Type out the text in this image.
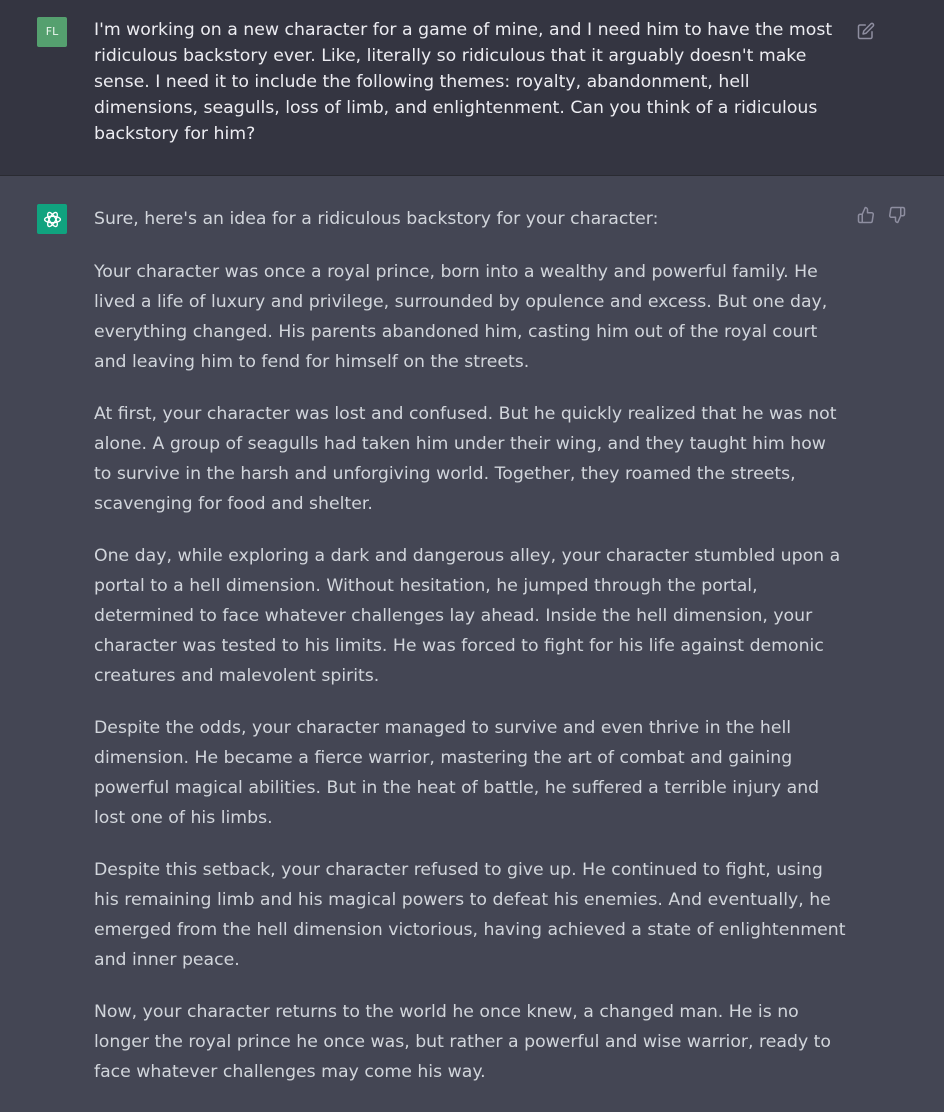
FL	I'm working on a new character for a game of mine, and I need him to have the most ridiculous backstory ever. Like, literally so ridiculous that it arguably doesn't make sense. I need it to include the following themes: royalty, abandonment, hell dimensions, seagulls, loss of limb, and enlightenment. Can you think of a ridiculous backstory for him?

Sure, here's an idea for a ridiculous backstory for your character:

Your character was once a royal prince, born into a wealthy and powerful family. He lived a life of luxury and privilege, surrounded by opulence and excess. But one day, everything changed. His parents abandoned him, casting him out of the royal court and leaving him to fend for himself on the streets.

At first, your character was lost and confused. But he quickly realized that he was not alone. A group of seagulls had taken him under their wing, and they taught him how to survive in the harsh and unforgiving world. Together, they roamed the streets, scavenging for food and shelter.

One day, while exploring a dark and dangerous alley, your character stumbled upon a portal to a hell dimension. Without hesitation, he jumped through the portal, determined to face whatever challenges lay ahead. Inside the hell dimension, your character was tested to his limits. He was forced to fight for his life against demonic creatures and malevolent spirits.

Despite the odds, your character managed to survive and even thrive in the hell dimension. He became a fierce warrior, mastering the art of combat and gaining powerful magical abilities. But in the heat of battle, he suffered a terrible injury and lost one of his limbs.

Despite this setback, your character refused to give up. He continued to fight, using his remaining limb and his magical powers to defeat his enemies. And eventually, he emerged from the hell dimension victorious, having achieved a state of enlightenment and inner peace.

Now, your character returns to the world he once knew, a changed man. He is no longer the royal prince he once was, but rather a powerful and wise warrior, ready to face whatever challenges may come his way.
